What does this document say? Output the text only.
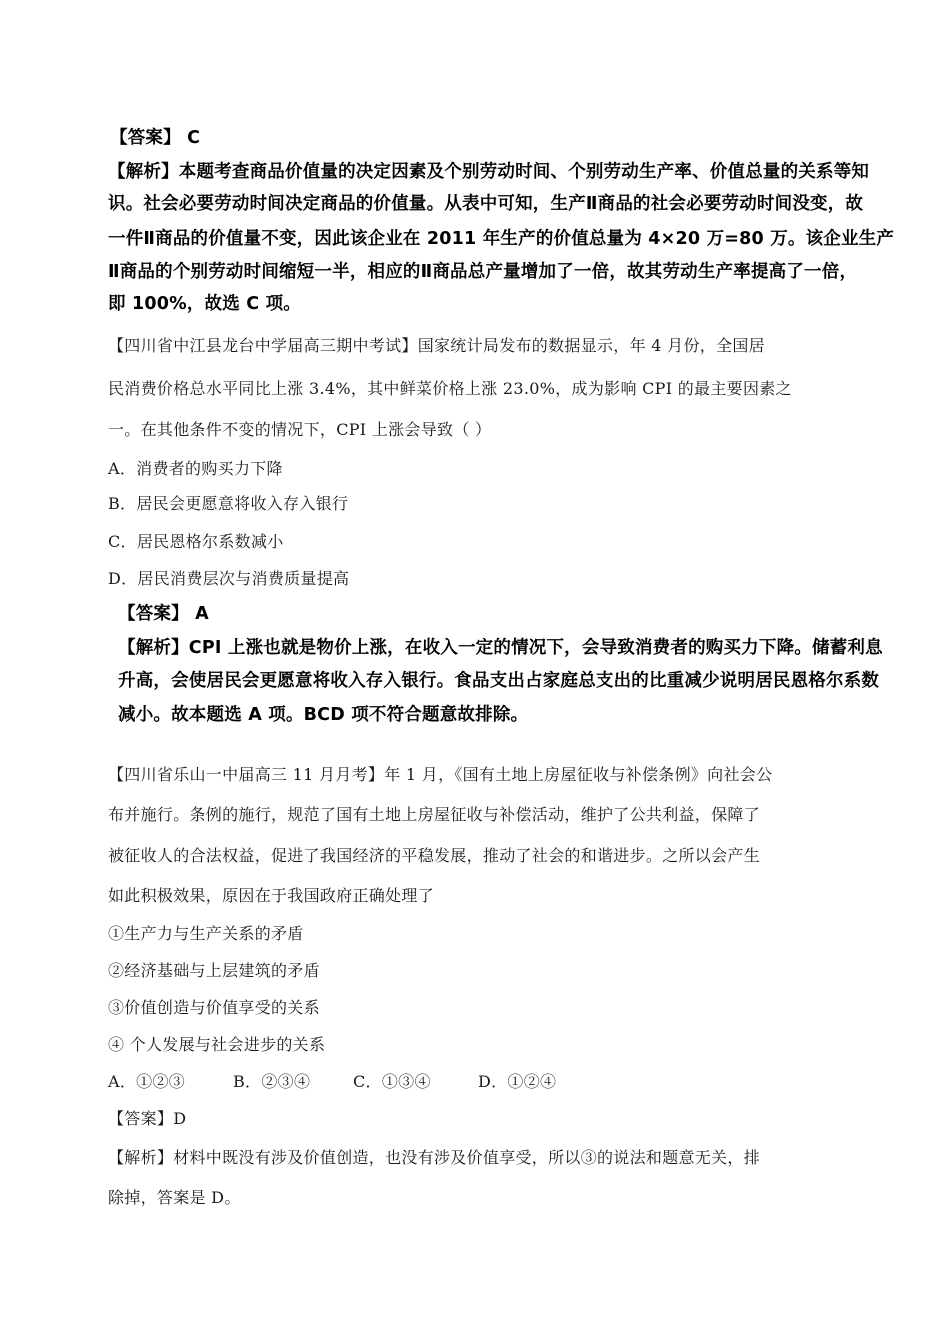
【答案】 C
【解析】本题考查商品价值量的决定因素及个别劳动时间、个别劳动生产率、价值总量的关系等知
识。社会必要劳动时间决定商品的价值量。从表中可知，生产Ⅱ商品的社会必要劳动时间没变，故
一件Ⅱ商品的价值量不变，因此该企业在 2011 年生产的价值总量为 4×20 万=80 万。该企业生产
Ⅱ商品的个别劳动时间缩短一半，相应的Ⅱ商品总产量增加了一倍，故其劳动生产率提高了一倍，
即 100%，故选 C 项。
【四川省中江县龙台中学届高三期中考试】国家统计局发布的数据显示，年 4 月份，全国居
民消费价格总水平同比上涨 3.4%，其中鲜菜价格上涨 23.0%，成为影响 CPI 的最主要因素之
一。在其他条件不变的情况下，CPI 上涨会导致（ ）
A．消费者的购买力下降
B．居民会更愿意将收入存入银行
C．居民恩格尔系数减小
D．居民消费层次与消费质量提高
【答案】 A
【解析】CPI 上涨也就是物价上涨，在收入一定的情况下，会导致消费者的购买力下降。储蓄利息
升高，会使居民会更愿意将收入存入银行。食品支出占家庭总支出的比重减少说明居民恩格尔系数
减小。故本题选 A 项。BCD 项不符合题意故排除。
【四川省乐山一中届高三 11 月月考】年 1 月，《国有土地上房屋征收与补偿条例》向社会公
布并施行。条例的施行，规范了国有土地上房屋征收与补偿活动，维护了公共利益，保障了
被征收人的合法权益，促进了我国经济的平稳发展，推动了社会的和谐进步。之所以会产生
如此积极效果，原因在于我国政府正确处理了
①生产力与生产关系的矛盾
②经济基础与上层建筑的矛盾
③价值创造与价值享受的关系
④ 个人发展与社会进步的关系
A．①②③	B．②③④	C．①③④	D．①②④
【答案】D
【解析】材料中既没有涉及价值创造，也没有涉及价值享受，所以③的说法和题意无关，排
除掉，答案是 D。
